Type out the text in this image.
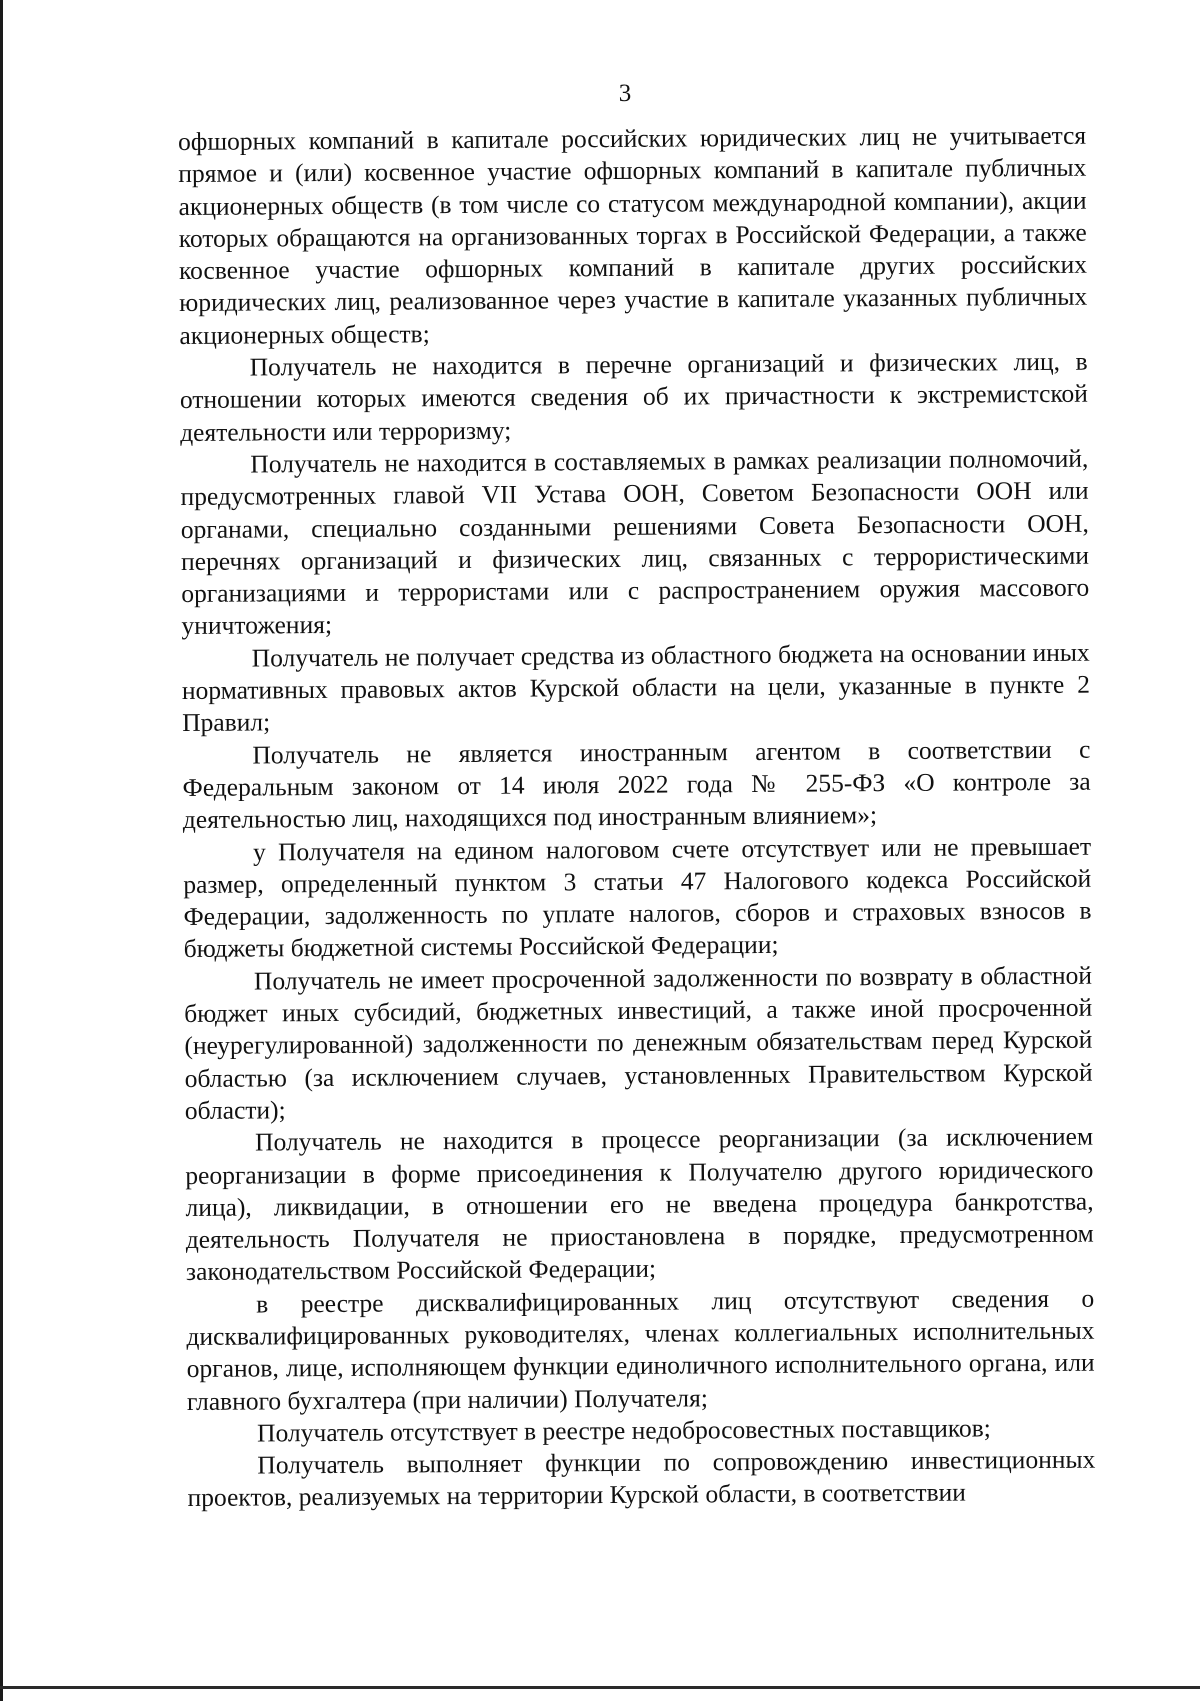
3

офшорных компаний в капитале российских юридических лиц не учитывается прямое и (или) косвенное участие офшорных компаний в капитале публичных акционерных обществ (в том числе со статусом международной компании), акции которых обращаются на организованных торгах в Российской Федерации, а также косвенное участие офшорных компаний в капитале других российских юридических лиц, реализованное через участие в капитале указанных публичных акционерных обществ;

Получатель не находится в перечне организаций и физических лиц, в отношении которых имеются сведения об их причастности к экстремистской деятельности или терроризму;

Получатель не находится в составляемых в рамках реализации полномочий, предусмотренных главой VII Устава ООН, Советом Безопасности ООН или органами, специально созданными решениями Совета Безопасности ООН, перечнях организаций и физических лиц, связанных с террористическими организациями и террористами или с распространением оружия массового уничтожения;

Получатель не получает средства из областного бюджета на основании иных нормативных правовых актов Курской области на цели, указанные в пункте 2 Правил;

Получатель не является иностранным агентом в соответствии с Федеральным законом от 14 июля 2022 года № 255-ФЗ «О контроле за деятельностью лиц, находящихся под иностранным влиянием»;

у Получателя на едином налоговом счете отсутствует или не превышает размер, определенный пунктом 3 статьи 47 Налогового кодекса Российской Федерации, задолженность по уплате налогов, сборов и страховых взносов в бюджеты бюджетной системы Российской Федерации;

Получатель не имеет просроченной задолженности по возврату в областной бюджет иных субсидий, бюджетных инвестиций, а также иной просроченной (неурегулированной) задолженности по денежным обязательствам перед Курской областью (за исключением случаев, установленных Правительством Курской области);

Получатель не находится в процессе реорганизации (за исключением реорганизации в форме присоединения к Получателю другого юридического лица), ликвидации, в отношении его не введена процедура банкротства, деятельность Получателя не приостановлена в порядке, предусмотренном законодательством Российской Федерации;

в реестре дисквалифицированных лиц отсутствуют сведения о дисквалифицированных руководителях, членах коллегиальных исполнительных органов, лице, исполняющем функции единоличного исполнительного органа, или главного бухгалтера (при наличии) Получателя;

Получатель отсутствует в реестре недобросовестных поставщиков;

Получатель выполняет функции по сопровождению инвестиционных проектов, реализуемых на территории Курской области, в соответствии
